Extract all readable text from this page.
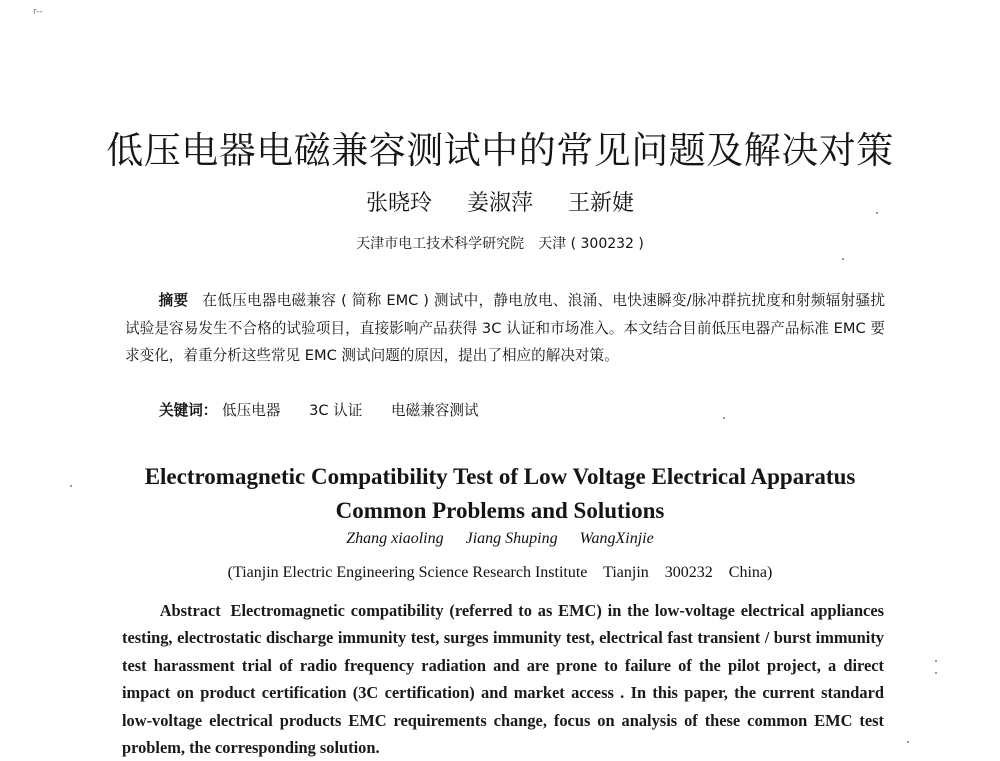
r--
低压电器电磁兼容测试中的常见问题及解决对策
张晓玲 姜淑萍 王新婕
天津市电工技术科学研究院　天津 ( 300232 )

摘要 在低压电器电磁兼容 ( 简称 EMC ) 测试中，静电放电、浪涌、电快速瞬变/脉冲群抗扰度和射频辐射骚扰试验是容易发生不合格的试验项目，直接影响产品获得 3C 认证和市场准入。本文结合目前低压电器产品标准 EMC 要求变化，着重分析这些常见 EMC 测试问题的原因，提出了相应的解决对策。

关键词： 低压电器 3C 认证 电磁兼容测试
Electromagnetic Compatibility Test of Low Voltage Electrical Apparatus
Common Problems and Solutions
Zhang xiaoling Jiang Shuping WangXinjie
(Tianjin Electric Engineering Science Research Institute    Tianjin    300232    China)

Abstract Electromagnetic compatibility (referred to as EMC) in the low-voltage electrical appliances testing, electrostatic discharge immunity test, surges immunity test, electrical fast transient / burst immunity test harassment trial of radio frequency radiation and are prone to failure of the pilot project, a direct impact on product certification (3C certification) and market access . In this paper, the current standard low-voltage electrical products EMC requirements change, focus on analysis of these common EMC test problem, the corresponding solution.
